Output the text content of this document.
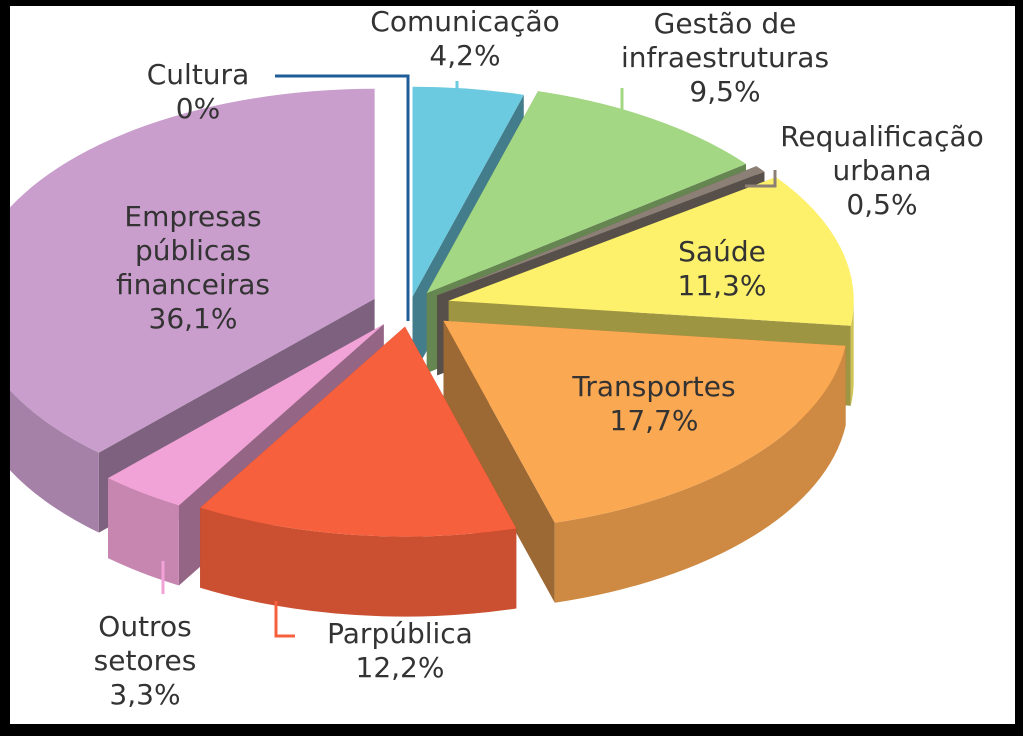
Cultura
0%
Comunicação
4,2%
Gestão de infraestruturas
9,5%
Requalificação urbana
0,5%
Saúde
11,3%
Transportes
17,7%
Parpública
12,2%
Outros setores
3,3%
Empresas públicas financeiras
36,1%
